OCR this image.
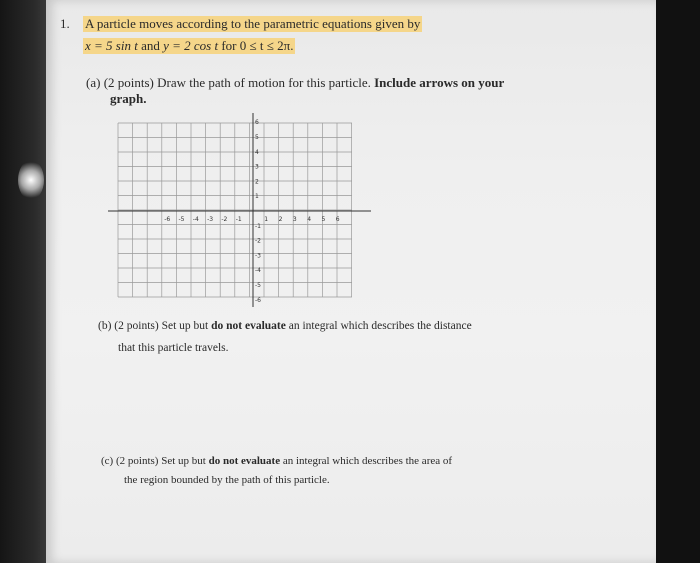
1. A particle moves according to the parametric equations given by
x = 5 sin t and y = 2 cos t for 0 ≤ t ≤ 2π.
(a) (2 points) Draw the path of motion for this particle. Include arrows on your
graph.
-6 -5 -4 -3 -2 -1	1 2 3 4 5 6
6
5
4
3
2
1
-1
-2
-3
-4
-5
-6
(b) (2 points) Set up but do not evaluate an integral which describes the distance
that this particle travels.
(c) (2 points) Set up but do not evaluate an integral which describes the area of
the region bounded by the path of this particle.
